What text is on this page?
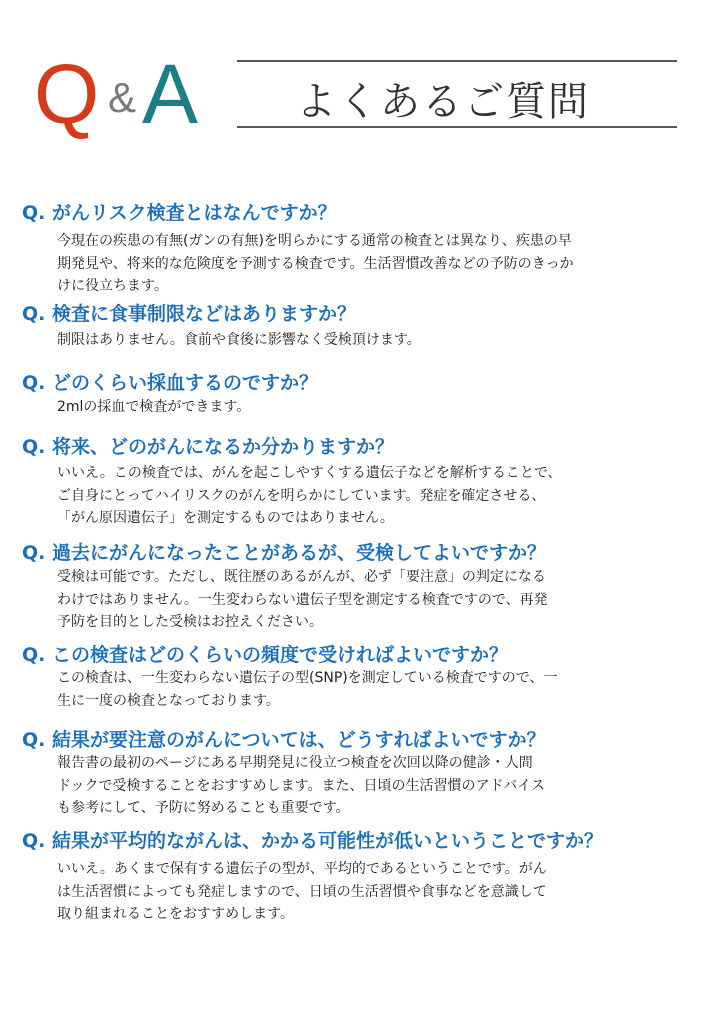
Q & A よくあるご質問
Q. がんリスク検査とはなんですか？
今現在の疾患の有無(ガンの有無)を明らかにする通常の検査とは異なり、疾患の早
期発見や、将来的な危険度を予測する検査です。生活習慣改善などの予防のきっか
けに役立ちます。
Q. 検査に食事制限などはありますか？
制限はありません。食前や食後に影響なく受検頂けます。
Q. どのくらい採血するのですか？
2mlの採血で検査ができます。
Q. 将来、どのがんになるか分かりますか？
いいえ。この検査では、がんを起こしやすくする遺伝子などを解析することで、
ご自身にとってハイリスクのがんを明らかにしています。発症を確定させる、
「がん原因遺伝子」を測定するものではありません。
Q. 過去にがんになったことがあるが、受検してよいですか？
受検は可能です。ただし、既往歴のあるがんが、必ず「要注意」の判定になる
わけではありません。一生変わらない遺伝子型を測定する検査ですので、再発
予防を目的とした受検はお控えください。
Q. この検査はどのくらいの頻度で受ければよいですか？
この検査は、一生変わらない遺伝子の型(SNP)を測定している検査ですので、一
生に一度の検査となっております。
Q. 結果が要注意のがんについては、どうすればよいですか？
報告書の最初のページにある早期発見に役立つ検査を次回以降の健診・人間
ドックで受検することをおすすめします。また、日頃の生活習慣のアドバイス
も参考にして、予防に努めることも重要です。
Q. 結果が平均的ながんは、かかる可能性が低いということですか？
いいえ。あくまで保有する遺伝子の型が、平均的であるということです。がん
は生活習慣によっても発症しますので、日頃の生活習慣や食事などを意識して
取り組まれることをおすすめします。
